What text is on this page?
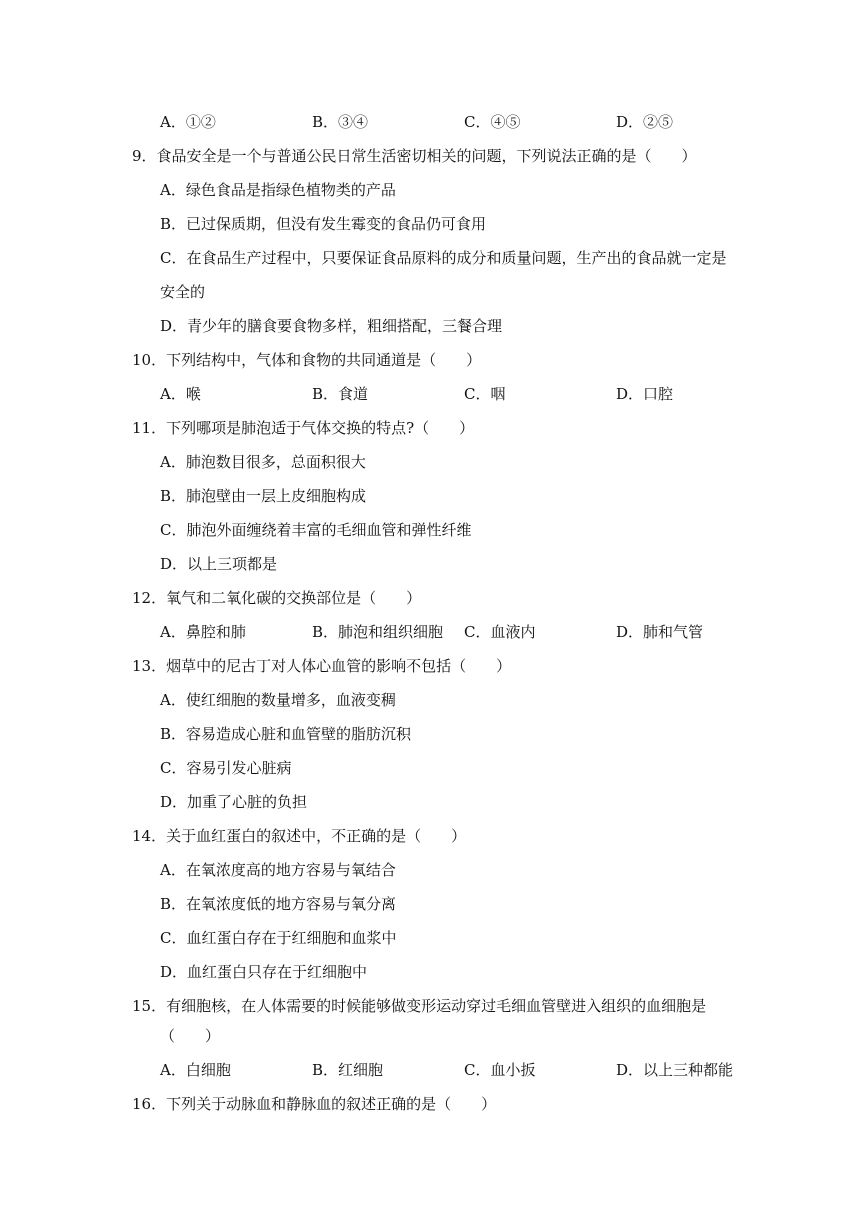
A．①②	B．③④	C．④⑤	D．②⑤
9．食品安全是一个与普通公民日常生活密切相关的问题，下列说法正确的是（　　）
A．绿色食品是指绿色植物类的产品
B．已过保质期，但没有发生霉变的食品仍可食用
C．在食品生产过程中，只要保证食品原料的成分和质量问题，生产出的食品就一定是
安全的
D．青少年的膳食要食物多样，粗细搭配，三餐合理
10．下列结构中，气体和食物的共同通道是（　　）
A．喉	B．食道	C．咽	D．口腔
11．下列哪项是肺泡适于气体交换的特点?（　　）
A．肺泡数目很多，总面积很大
B．肺泡壁由一层上皮细胞构成
C．肺泡外面缠绕着丰富的毛细血管和弹性纤维
D．以上三项都是
12．氧气和二氧化碳的交换部位是（　　）
A．鼻腔和肺	B．肺泡和组织细胞 C．血液内	D．肺和气管
13．烟草中的尼古丁对人体心血管的影响不包括（　　）
A．使红细胞的数量增多，血液变稠
B．容易造成心脏和血管壁的脂肪沉积
C．容易引发心脏病
D．加重了心脏的负担
14．关于血红蛋白的叙述中，不正确的是（　　）
A．在氧浓度高的地方容易与氧结合
B．在氧浓度低的地方容易与氧分离
C．血红蛋白存在于红细胞和血浆中
D．血红蛋白只存在于红细胞中
15．有细胞核，在人体需要的时候能够做变形运动穿过毛细血管壁进入组织的血细胞是
（　　）
A．白细胞	B．红细胞	C．血小扳	D．以上三种都能
16．下列关于动脉血和静脉血的叙述正确的是（　　）
